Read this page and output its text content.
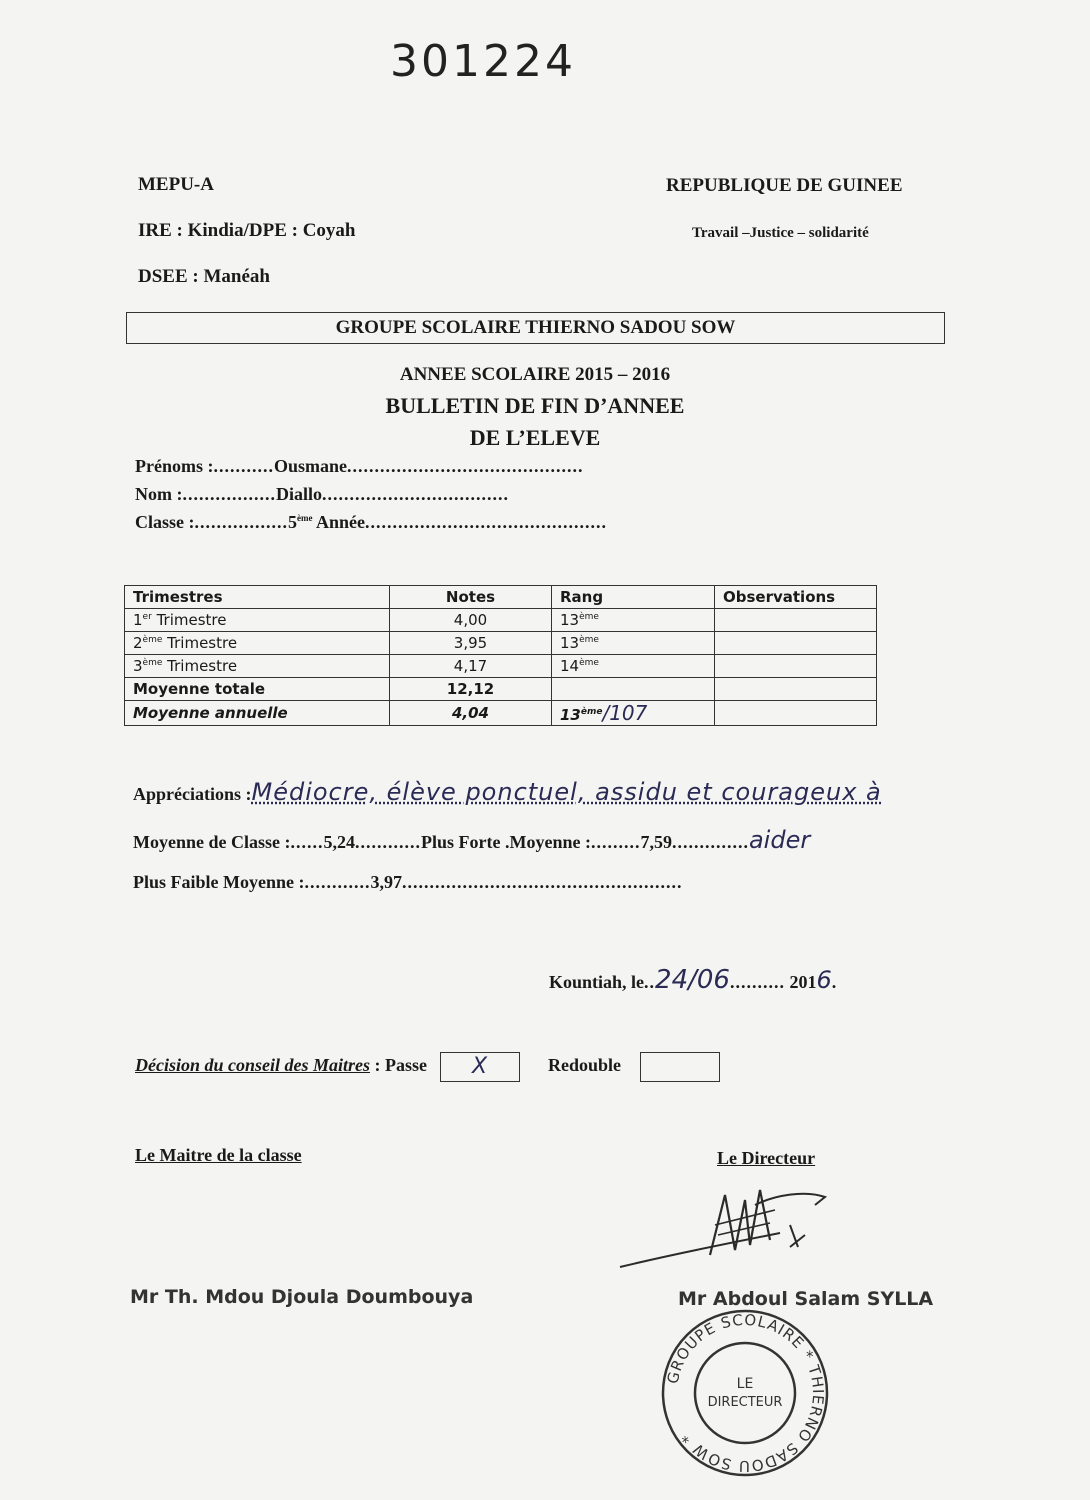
301224
MEPU-A
IRE : Kindia/DPE : Coyah
DSEE : Manéah
REPUBLIQUE DE GUINEE
Travail –Justice – solidarité
GROUPE SCOLAIRE THIERNO SADOU SOW
ANNEE SCOLAIRE 2015 – 2016
BULLETIN DE FIN D’ANNEE
DE L’ELEVE
Prénoms :...........Ousmane...........................................
Nom :.................Diallo..................................
Classe :.................5ème Année............................................
Trimestres	Notes	Rang	Observations
1er Trimestre	4,00	13ème	
2ème Trimestre	3,95	13ème	
3ème Trimestre	4,17	14ème	
Moyenne totale	12,12		
Moyenne annuelle	4,04	13ème/107	
Appréciations :Médiocre, élève ponctuel, assidu et courageux à
Moyenne de Classe :......5,24............Plus Forte .Moyenne :.........7,59..............aider
Plus Faible Moyenne :............3,97...................................................
Kountiah, le..24/06.......... 2016.
Décision du conseil des Maitres : Passe X	Redouble
Le Maitre de la classe	Le Directeur
Mr Th. Mdou Djoula Doumbouya	Mr Abdoul Salam SYLLA
GROUPE SCOLAIRE * THIERNO SADOU SOW *
LE
DIRECTEUR
